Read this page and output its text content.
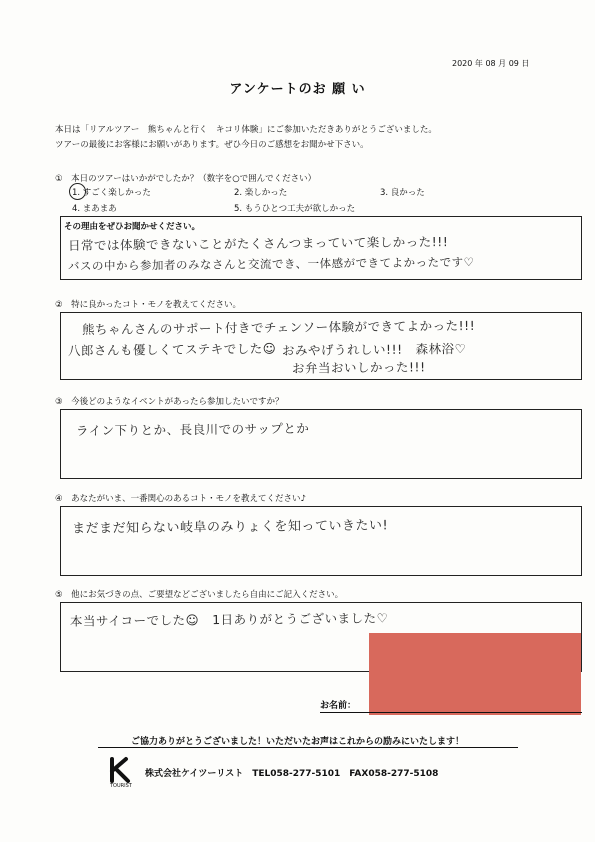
2020 年 08 月 09 日
アンケートのお 願 い
本日は「リアルツアー　熊ちゃんと行く　キコリ体験」にご参加いただきありがとうございました。
ツアーの最後にお客様にお願いがあります。ぜひ今日のご感想をお聞かせ下さい。
①　本日のツアーはいかがでしたか？（数字を○で囲んでください）
1. すごく楽しかった	2. 楽しかった	3. 良かった
4. まあまあ	5. もうひとつ工夫が欲しかった
その理由をぜひお聞かせください。
日常では体験できないことがたくさんつまっていて楽しかった!!!
バスの中から参加者のみなさんと交流でき、一体感ができてよかったです♡
②　特に良かったコト・モノを教えてください。
熊ちゃんさんのサポート付きでチェンソー体験ができてよかった!!!
八郎さんも優しくてステキでした☺ おみやげうれしい!!!　森林浴♡
お弁当おいしかった!!!
③　今後どのようなイベントがあったら参加したいですか？
ライン下りとか、長良川でのサップとか
④　あなたがいま、一番関心のあるコト・モノを教えてください♪
まだまだ知らない岐阜のみりょくを知っていきたい!
⑤　他にお気づきの点、ご要望などございましたら自由にご記入ください。
本当サイコーでした☺　1日ありがとうございました♡
お名前：
ご協力ありがとうございました！いただいたお声はこれからの励みにいたします！
TOURIST
株式会社ケイツーリスト　TEL058-277-5101　FAX058-277-5108
